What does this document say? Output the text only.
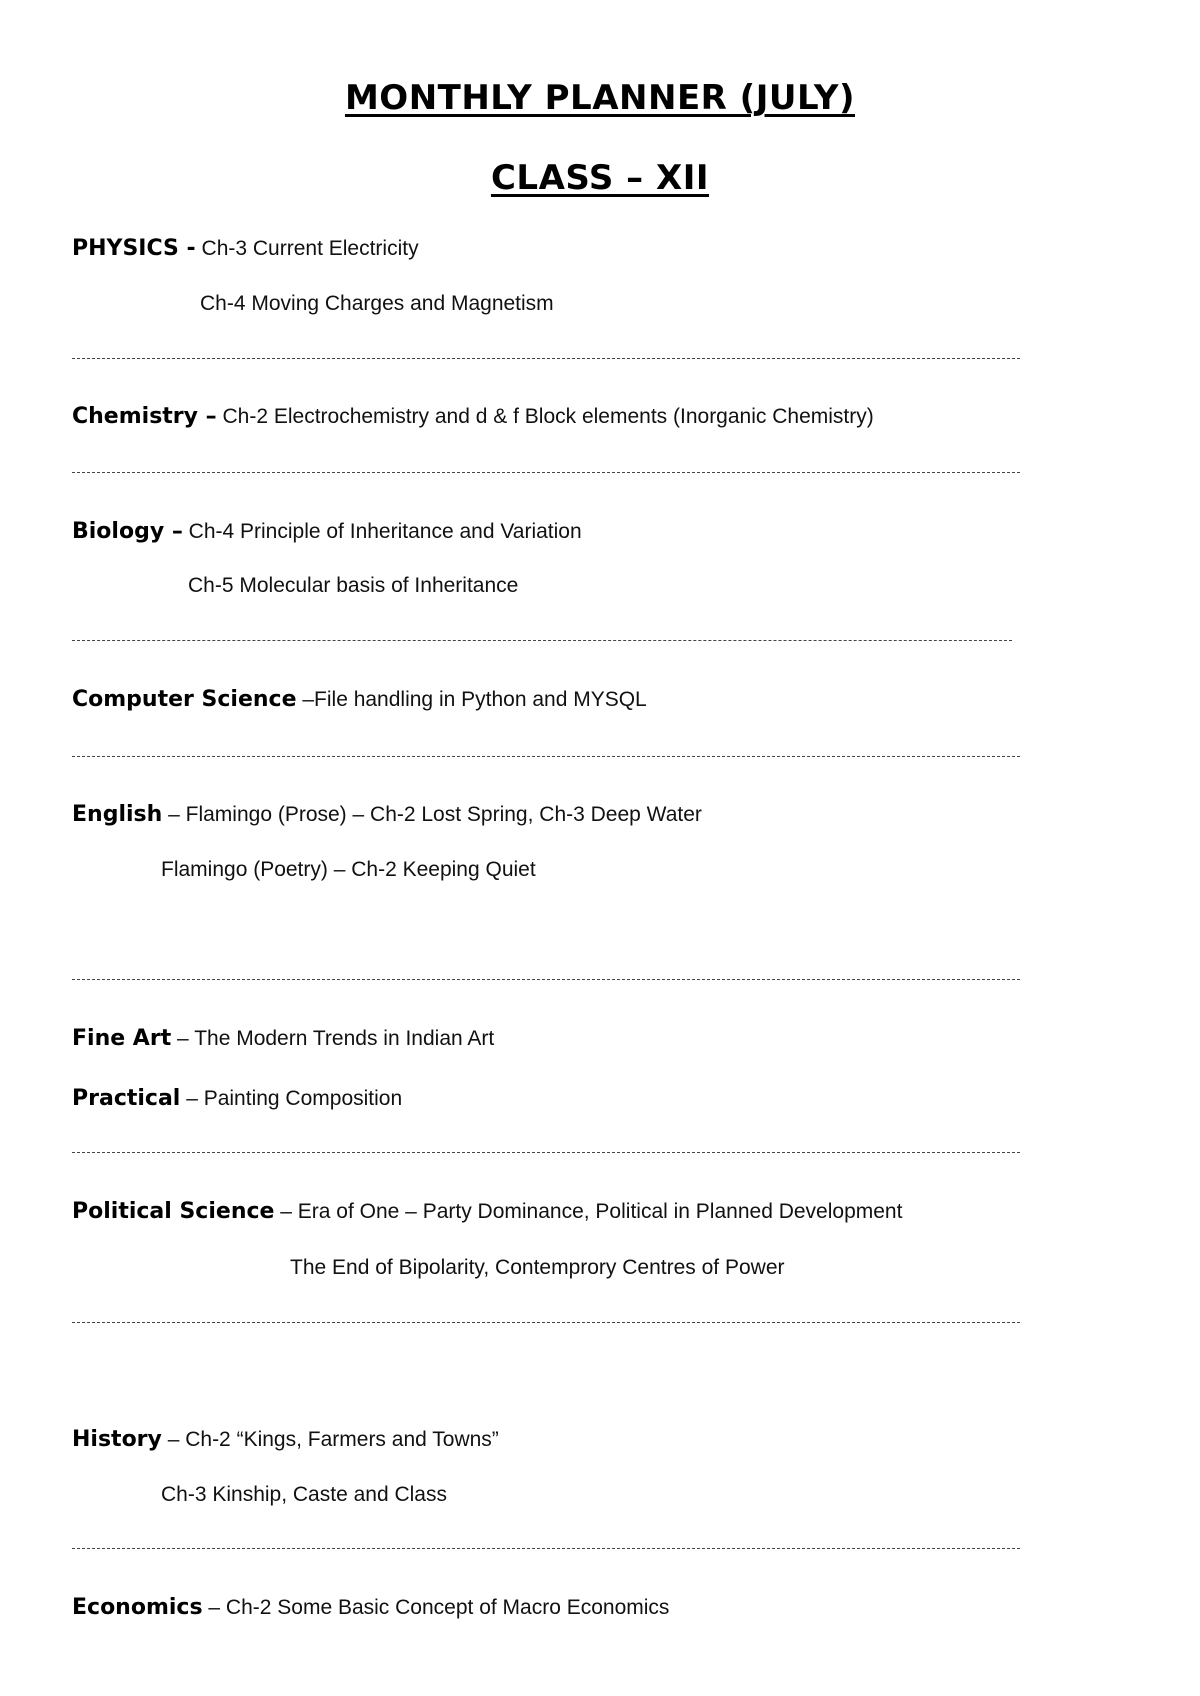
MONTHLY PLANNER (JULY)
CLASS – XII
PHYSICS - Ch-3 Current Electricity
Ch-4 Moving Charges and Magnetism
Chemistry – Ch-2 Electrochemistry and d & f Block elements (Inorganic Chemistry)
Biology – Ch-4 Principle of Inheritance and Variation
Ch-5 Molecular basis of Inheritance
Computer Science –File handling in Python and MYSQL
English – Flamingo (Prose) – Ch-2 Lost Spring, Ch-3 Deep Water
Flamingo (Poetry) – Ch-2 Keeping Quiet
Fine Art – The Modern Trends in Indian Art
Practical – Painting Composition
Political Science – Era of One – Party Dominance, Political in Planned Development
The End of Bipolarity, Contemprory Centres of Power
History – Ch-2 “Kings, Farmers and Towns”
Ch-3 Kinship, Caste and Class
Economics – Ch-2 Some Basic Concept of Macro Economics
